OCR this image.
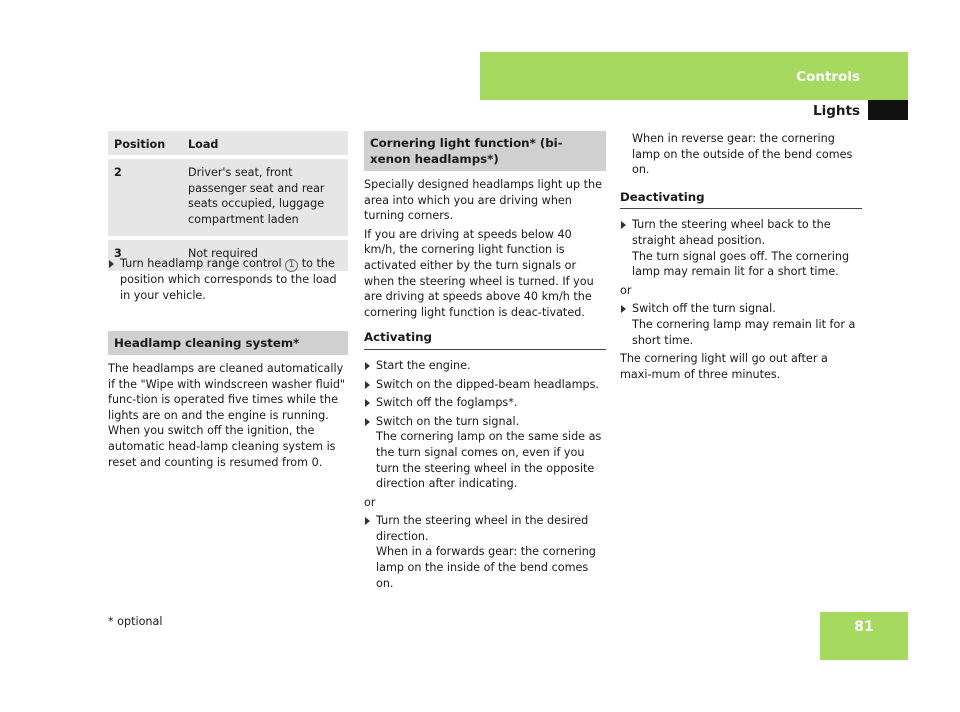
Controls
Lights
Position	Load
2	Driver's seat, front passenger seat and rear seats occupied, luggage compartment laden
3	Not required

Turn headlamp range control 1 to the position which corresponds to the load in your vehicle.

Headlamp cleaning system*

The headlamps are cleaned automatically if the "Wipe with windscreen washer fluid" func-tion is operated five times while the lights are on and the engine is running. When you switch off the ignition, the automatic head-lamp cleaning system is reset and counting is resumed from 0.

Cornering light function* (bi-xenon headlamps*)

Specially designed headlamps light up the area into which you are driving when turning corners.

If you are driving at speeds below 40 km/h, the cornering light function is activated either by the turn signals or when the steering wheel is turned. If you are driving at speeds above 40 km/h the cornering light function is deac-tivated.

Activating

Start the engine.

Switch on the dipped-beam headlamps.

Switch off the foglamps*.

Switch on the turn signal.

The cornering lamp on the same side as the turn signal comes on, even if you turn the steering wheel in the opposite direction after indicating.

or

Turn the steering wheel in the desired direction.

When in a forwards gear: the cornering lamp on the inside of the bend comes on.

When in reverse gear: the cornering lamp on the outside of the bend comes on.

Deactivating

Turn the steering wheel back to the straight ahead position.

The turn signal goes off. The cornering lamp may remain lit for a short time.

or

Switch off the turn signal.

The cornering lamp may remain lit for a short time.

The cornering light will go out after a maxi-mum of three minutes.

* optional	81
